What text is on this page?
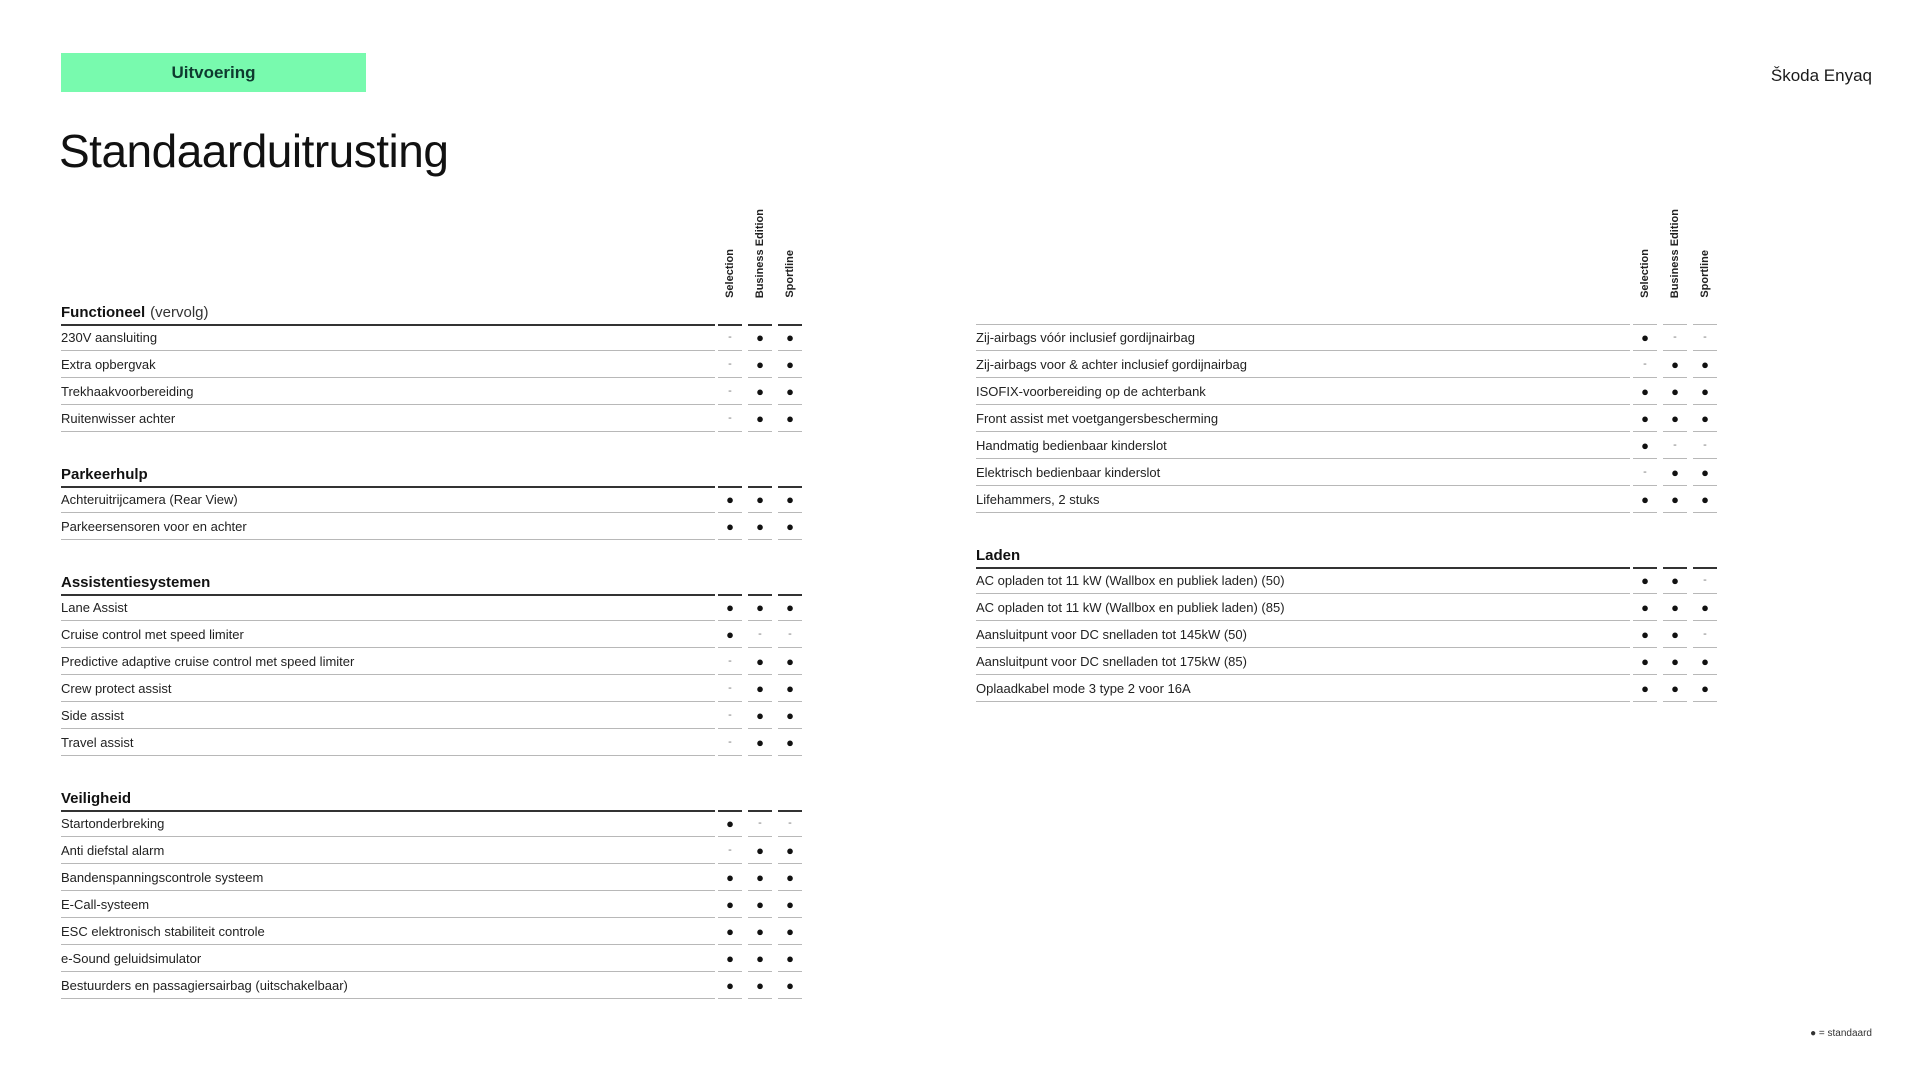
Uitvoering	Škoda Enyaq
Standaarduitrusting
Selection Business Edition Sportline
Functioneel (vervolg)
230V aansluiting	-	●	●
Extra opbergvak	-	●	●
Trekhaakvoorbereiding	-	●	●
Ruitenwisser achter	-	●	●
Parkeerhulp
Achteruitrijcamera (Rear View)	●	●	●
Parkeersensoren voor en achter	●	●	●
Assistentiesystemen
Lane Assist	●	●	●
Cruise control met speed limiter	●	-	-
Predictive adaptive cruise control met speed limiter	-	●	●
Crew protect assist	-	●	●
Side assist	-	●	●
Travel assist	-	●	●
Veiligheid
Startonderbreking	●	-	-
Anti diefstal alarm	-	●	●
Bandenspanningscontrole systeem	●	●	●
E-Call-systeem	●	●	●
ESC elektronisch stabiliteit controle	●	●	●
e-Sound geluidsimulator	●	●	●
Bestuurders en passagiersairbag (uitschakelbaar)	●	●	●
Selection Business Edition Sportline
Zij-airbags vóór inclusief gordijnairbag	●	-	-
Zij-airbags voor & achter inclusief gordijnairbag	-	●	●
ISOFIX-voorbereiding op de achterbank	●	●	●
Front assist met voetgangersbescherming	●	●	●
Handmatig bedienbaar kinderslot	●	-	-
Elektrisch bedienbaar kinderslot	-	●	●
Lifehammers, 2 stuks	●	●	●
Laden
AC opladen tot 11 kW (Wallbox en publiek laden) (50)	●	●	-
AC opladen tot 11 kW (Wallbox en publiek laden) (85)	●	●	●
Aansluitpunt voor DC snelladen tot 145kW (50)	●	●	-
Aansluitpunt voor DC snelladen tot 175kW (85)	●	●	●
Oplaadkabel mode 3 type 2 voor 16A	●	●	●
● = standaard
